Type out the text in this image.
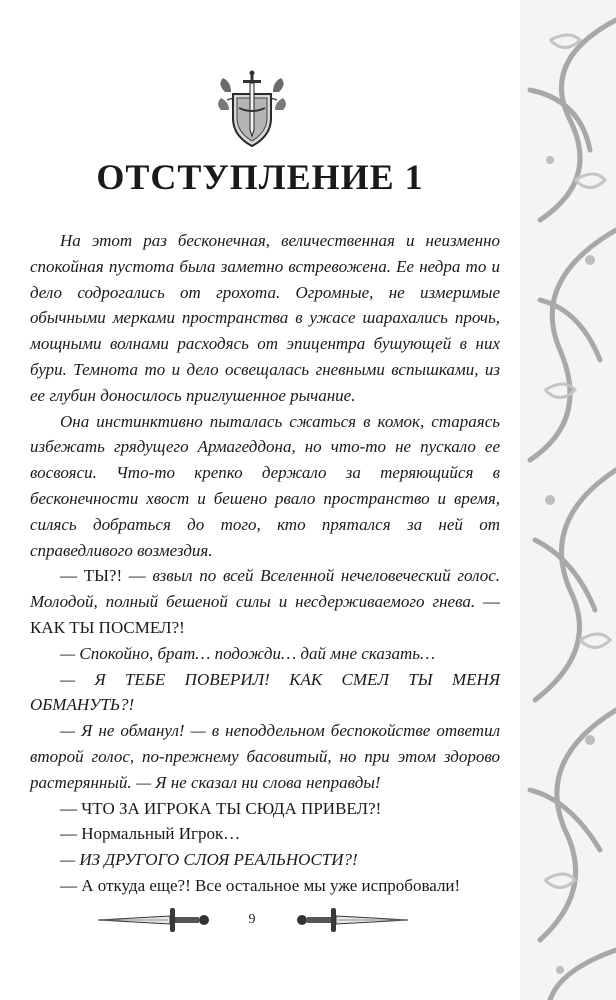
ОТСТУПЛЕНИЕ 1

На этот раз бесконечная, величественная и неизменно спокойная пустота была заметно встревожена. Ее недра то и дело содрогались от грохота. Огромные, не измеримые обычными мерками пространства в ужасе шарахались прочь, мощными волнами расходясь от эпицентра бушующей в них бури. Темнота то и дело освещалась гневными вспышками, из ее глубин доносилось приглушенное рычание.

Она инстинктивно пыталась сжаться в комок, стараясь избежать грядущего Армагеддона, но что-то не пускало ее восвояси. Что-то крепко держало за теряющийся в бесконечности хвост и бешено рвало пространство и время, силясь добраться до того, кто прятался за ней от справедливого возмездия.

— ТЫ?! — взвыл по всей Вселенной нечеловеческий голос. Молодой, полный бешеной силы и несдерживаемого гнева. — КАК ТЫ ПОСМЕЛ?!

— Спокойно, брат… подожди… дай мне сказать…

— Я ТЕБЕ ПОВЕРИЛ! КАК СМЕЛ ТЫ МЕНЯ ОБМАНУТЬ?!

— Я не обманул! — в неподдельном беспокойстве ответил второй голос, по-прежнему басовитый, но при этом здорово растерянный. — Я не сказал ни слова неправды!

— ЧТО ЗА ИГРОКА ТЫ СЮДА ПРИВЕЛ?!

— Нормальный Игрок…

— ИЗ ДРУГОГО СЛОЯ РЕАЛЬНОСТИ?!

— А откуда еще?! Все остальное мы уже испробовали!

9
